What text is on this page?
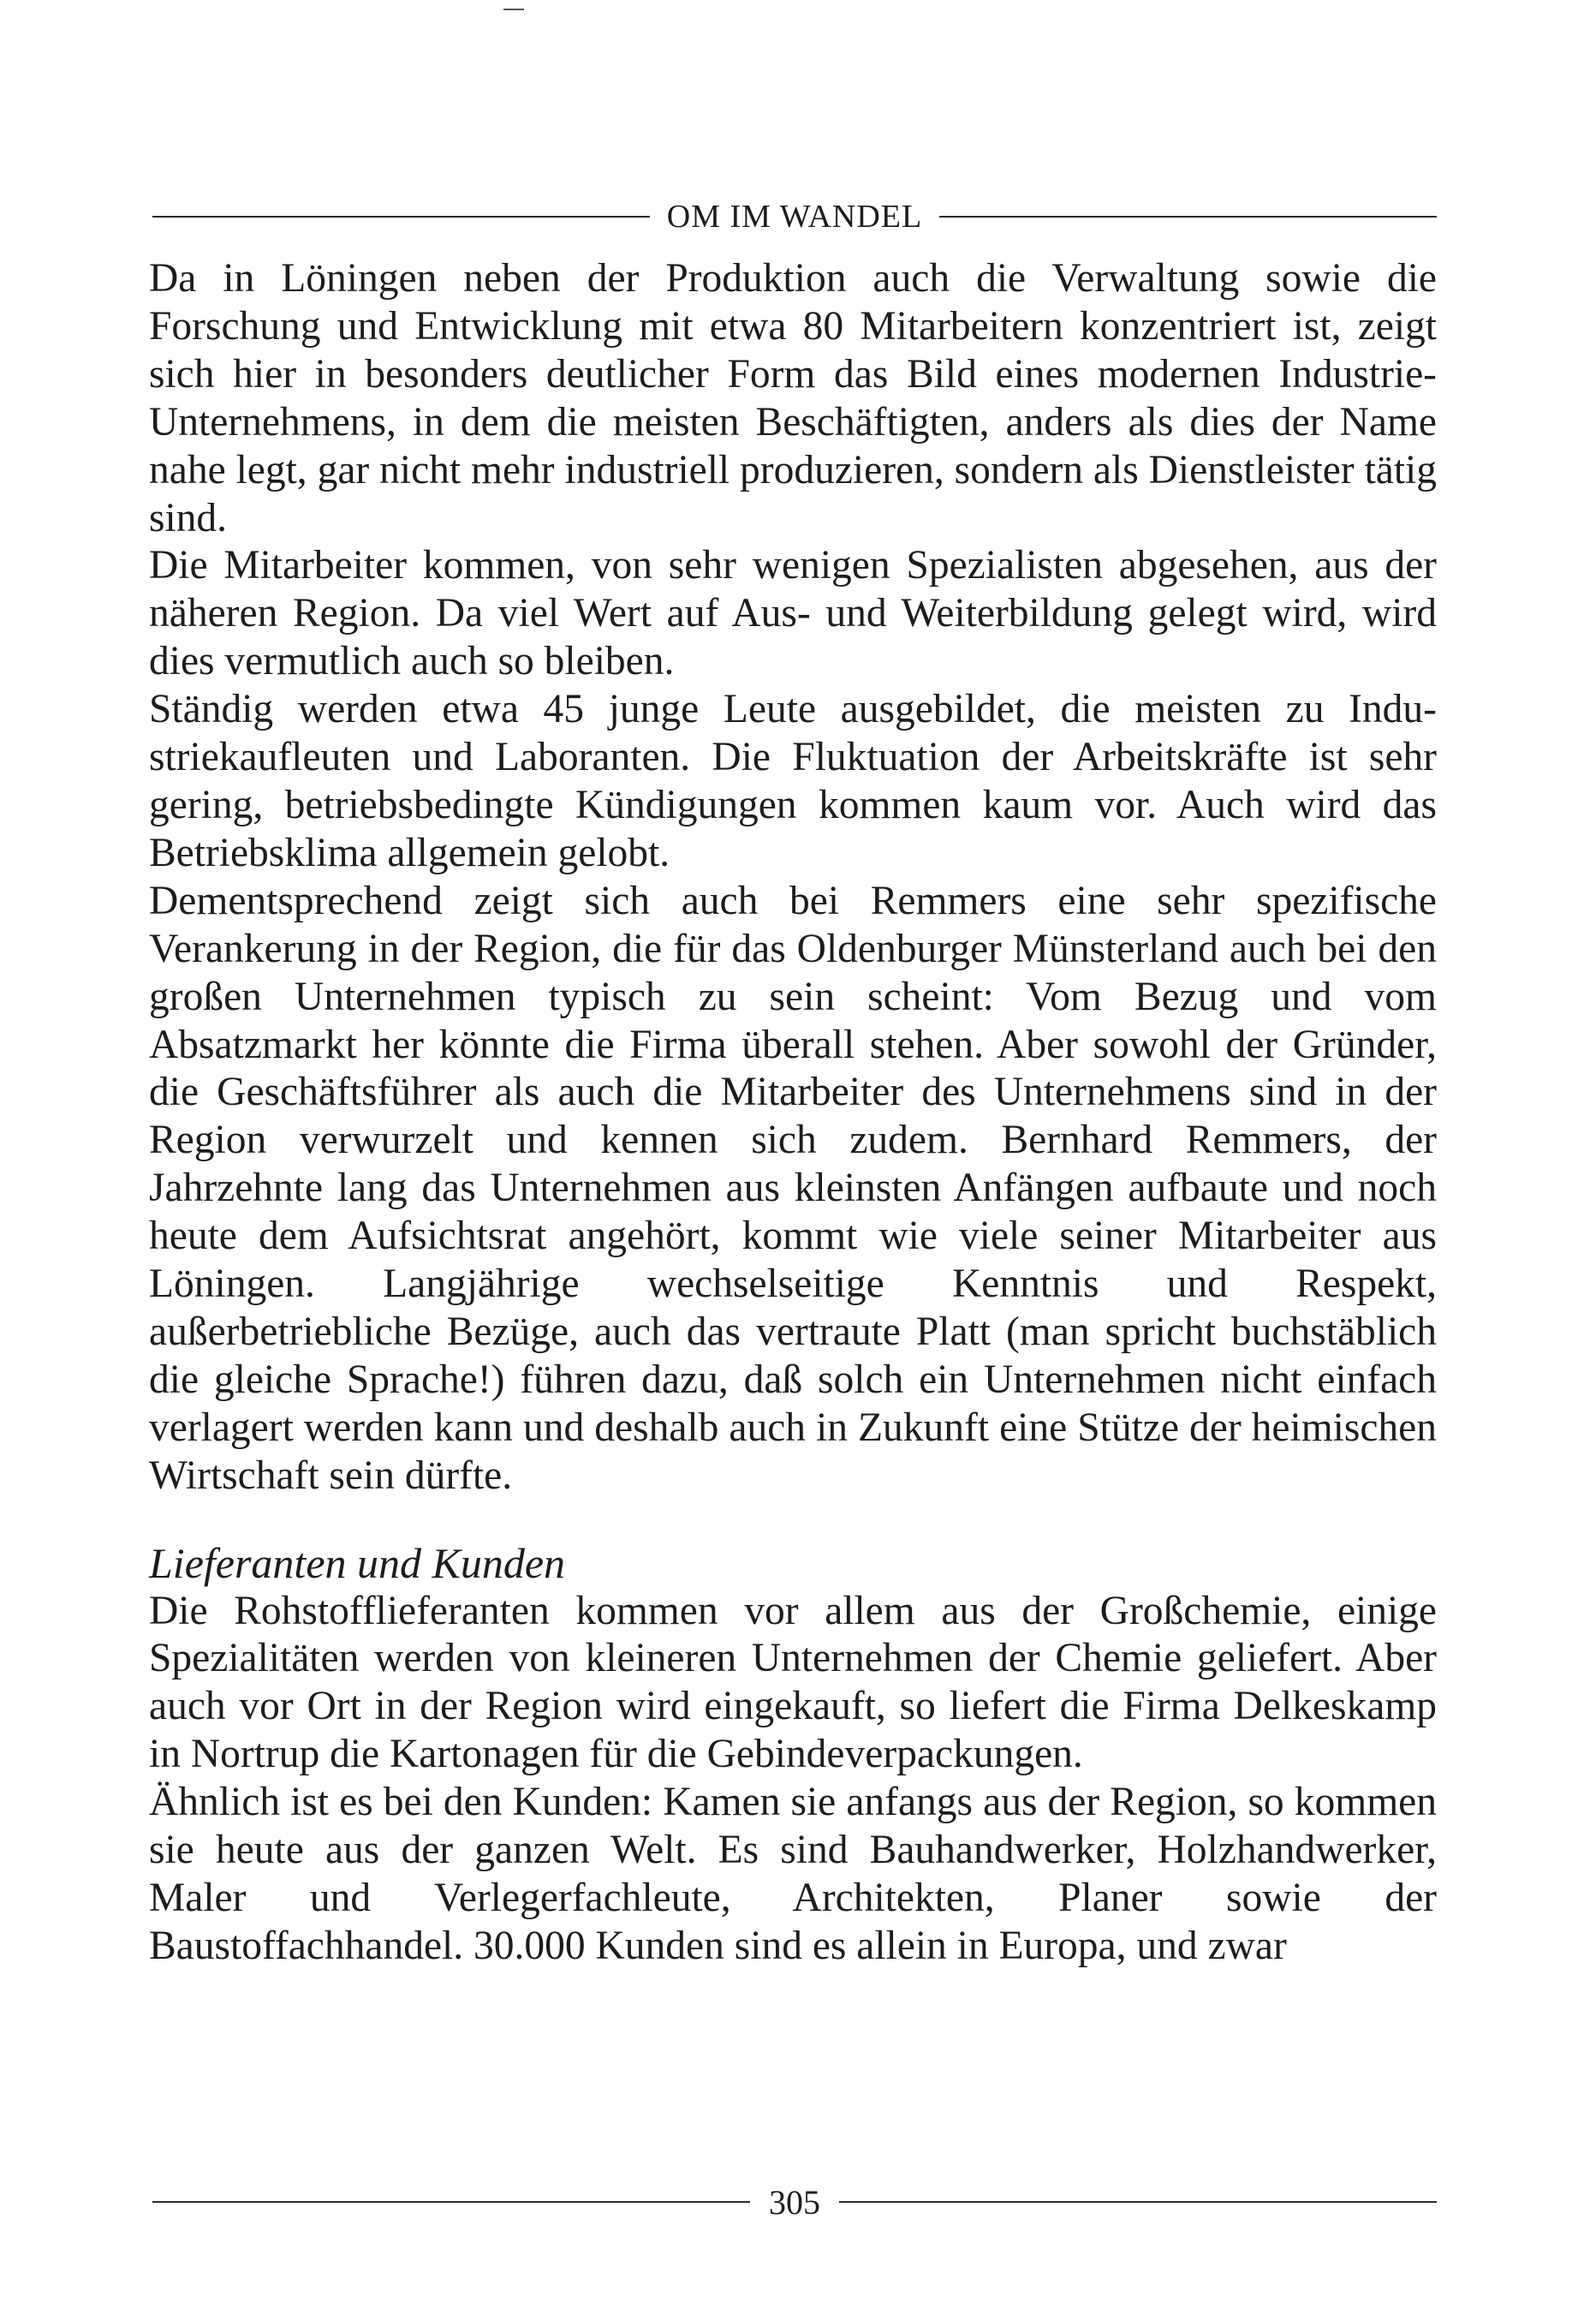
OM IM WANDEL

Da in Löningen neben der Produktion auch die Verwaltung sowie die Forschung und Entwicklung mit etwa 80 Mitarbeitern konzentriert ist, zeigt sich hier in besonders deutlicher Form das Bild eines modernen Industrie-Unternehmens, in dem die meisten Beschäftigten, anders als dies der Name nahe legt, gar nicht mehr industriell produzieren, sondern als Dienstleister tätig sind.

Die Mitarbeiter kommen, von sehr wenigen Spezialisten abgesehen, aus der näheren Region. Da viel Wert auf Aus- und Weiterbildung gelegt wird, wird dies vermutlich auch so bleiben.

Ständig werden etwa 45 junge Leute ausgebildet, die meisten zu Industriekaufleuten und Laboranten. Die Fluktuation der Arbeitskräfte ist sehr gering, betriebsbedingte Kündigungen kommen kaum vor. Auch wird das Betriebsklima allgemein gelobt.

Dementsprechend zeigt sich auch bei Remmers eine sehr spezifische Verankerung in der Region, die für das Oldenburger Münsterland auch bei den großen Unternehmen typisch zu sein scheint: Vom Bezug und vom Absatzmarkt her könnte die Firma überall stehen. Aber sowohl der Gründer, die Geschäftsführer als auch die Mitarbeiter des Unternehmens sind in der Region verwurzelt und kennen sich zudem. Bernhard Remmers, der Jahrzehnte lang das Unternehmen aus kleinsten Anfängen aufbaute und noch heute dem Aufsichtsrat angehört, kommt wie viele seiner Mitarbeiter aus Löningen. Langjährige wechselseitige Kenntnis und Respekt, außerbetriebliche Bezüge, auch das vertraute Platt (man spricht buchstäblich die gleiche Sprache!) führen dazu, daß solch ein Unternehmen nicht einfach verlagert werden kann und deshalb auch in Zukunft eine Stütze der heimischen Wirtschaft sein dürfte.

Lieferanten und Kunden

Die Rohstofflieferanten kommen vor allem aus der Großchemie, einige Spezialitäten werden von kleineren Unternehmen der Chemie geliefert. Aber auch vor Ort in der Region wird eingekauft, so liefert die Firma Delkeskamp in Nortrup die Kartonagen für die Gebindeverpackungen.

Ähnlich ist es bei den Kunden: Kamen sie anfangs aus der Region, so kommen sie heute aus der ganzen Welt. Es sind Bauhandwerker, Holzhandwerker, Maler und Verlegerfachleute, Architekten, Planer sowie der Baustoffachhandel. 30.000 Kunden sind es allein in Europa, und zwar

305
